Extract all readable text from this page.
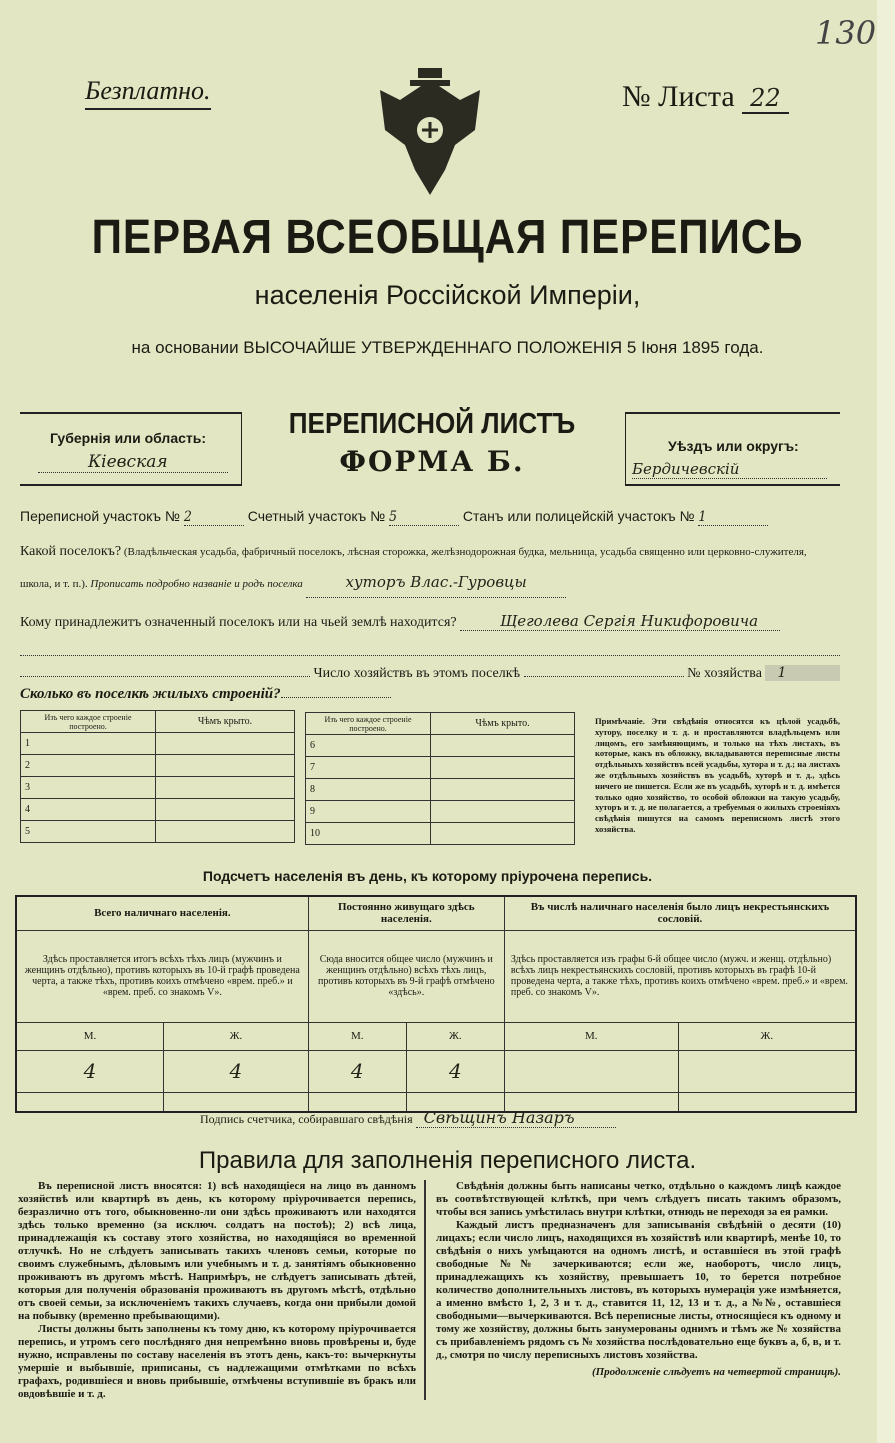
130
Безплатно.	№ Листа 22
ПЕРВАЯ ВСЕОБЩАЯ ПЕРЕПИСЬ
населенія Россійской Имперіи,
на основании ВЫСОЧАЙШЕ УТВЕРЖДЕННАГО ПОЛОЖЕНІЯ 5 Іюня 1895 года.
Губернія или область:
Кіевская
ПЕРЕПИСНОЙ ЛИСТЪ
ФОРМА Б.	Уѣздъ или округъ:
Бердичевскій
Переписной участокъ № 2	Счетный участокъ № 5	Станъ или полицейскій участокъ № 1
Какой поселокъ? (Владѣльческая усадьба, фабричный поселокъ, лѣсная сторожка, желѣзнодорожная будка, мельница, усадьба священно или церковно-служителя, школа, и т. п.). Прописать подробно названіе и родъ поселка	хуторъ Влас.-Гуровцы
Кому принадлежитъ означенный поселокъ или на чьей землѣ находится?	Щеголева Сергія Никифоровича
Число хозяйствъ въ этомъ поселкѣ	№ хозяйства 1
Сколько въ поселкѣ жилыхъ строеній?
Изъ чего каждое строеніе построено.	Чѣмъ крыто.
1	
2	
3	
4	
5	
Изъ чего каждое строеніе построено.	Чѣмъ крыто.
6	
7	
8	
9	
10	
Примѣчаніе. Эти свѣдѣнія относятся къ цѣлой усадьбѣ, хутору, поселку и т. д. и проставляются владѣльцемъ или лицомъ, его замѣняющимъ, и только на тѣхъ листахъ, въ которые, какъ въ обложку, вкладываются переписные листы отдѣльныхъ хозяйствъ всей усадьбы, хутора и т. д.; на листахъ же отдѣльныхъ хозяйствъ въ усадьбѣ, хуторѣ и т. д., здѣсь ничего не пишется. Если же въ усадьбѣ, хуторѣ и т. д. имѣется только одно хозяйство, то особой обложки на такую усадьбу, хуторъ и т. д. не полагается, а требуемыя о жилыхъ строеніяхъ свѣдѣнія пишутся на самомъ переписномъ листѣ этого хозяйства.
Подсчетъ населенія въ день, къ которому пріурочена перепись.
Всего наличнаго населенія.		Постоянно живущаго здѣсь населенія.		Въ числѣ наличнаго населенія было лицъ некрестьянскихъ сословій.	
Здѣсь проставляется итогъ всѣхъ тѣхъ лицъ (мужчинъ и женщинъ отдѣльно), противъ которыхъ въ 10-й графѣ проведена черта, а также тѣхъ, противъ коихъ отмѣчено «врем. преб.» и «врем. преб. со знакомъ V».		Сюда вносится общее число (мужчинъ и женщинъ отдѣльно) всѣхъ тѣхъ лицъ, противъ которыхъ въ 9-й графѣ отмѣчено «здѣсь».		Здѣсь проставляется изъ графы 6-й общее число (мужч. и женщ. отдѣльно) всѣхъ лицъ некрестьянскихъ сословій, противъ которыхъ въ графѣ 10-й проведена черта, а также тѣхъ, противъ коихъ отмѣчено «врем. преб.» и «врем. преб. со знакомъ V».	
М.	Ж.	М.	Ж.	М.	Ж.
4	4	4	4		

Подпись счетчика, собиравшаго свѣдѣнія Свѣщинъ Назаръ
Правила для заполненія переписного листа.

Въ переписной листъ вносятся: 1) всѣ находящіеся на лицо въ данномъ хозяйствѣ или квартирѣ въ день, къ которому пріурочивается перепись, безразлично отъ того, обыкновенно-ли они здѣсь проживаютъ или находятся здѣсь только временно (за исключ. солдатъ на постоѣ); 2) всѣ лица, принадлежащія къ составу этого хозяйства, но находящіяся во временной отлучкѣ. Но не слѣдуетъ записывать такихъ членовъ семьи, которые по своимъ служебнымъ, дѣловымъ или учебнымъ и т. д. занятіямъ обыкновенно проживаютъ въ другомъ мѣстѣ. Напримѣръ, не слѣдуетъ записывать дѣтей, которыя для полученія образованія проживаютъ въ другомъ мѣстѣ, отдѣльно отъ своей семьи, за исключеніемъ такихъ случаевъ, когда они прибыли домой на побывку (временно пребывающими).

Листы должны быть заполнены къ тому дню, къ которому пріурочивается перепись, и утромъ сего послѣдняго дня непремѣнно вновь провѣрены и, буде нужно, исправлены по составу населенія въ этотъ день, какъ-то: вычеркнуты умершіе и выбывшіе, приписаны, съ надлежащими отмѣтками по всѣхъ графахъ, родившіеся и вновь прибывшіе, отмѣчены вступившіе въ бракъ или овдовѣвшіе и т. д.

Свѣдѣнія должны быть написаны четко, отдѣльно о каждомъ лицѣ каждое въ соотвѣтствующей клѣткѣ, при чемъ слѣдуетъ писать такимъ образомъ, чтобы вся запись умѣстилась внутри клѣтки, отнюдь не переходя за ея рамки.

Каждый листъ предназначенъ для записыванія свѣдѣній о десяти (10) лицахъ; если число лицъ, находящихся въ хозяйствѣ или квартирѣ, менѣе 10, то свѣдѣнія о нихъ умѣщаются на одномъ листѣ, и оставшіеся въ этой графѣ свободные №№ зачеркиваются; если же, наоборотъ, число лицъ, принадлежащихъ къ хозяйству, превышаетъ 10, то берется потребное количество дополнительныхъ листовъ, въ которыхъ нумерація уже измѣняется, а именно вмѣсто 1, 2, 3 и т. д., ставится 11, 12, 13 и т. д., а №№, оставшіеся свободными—вычеркиваются. Всѣ переписные листы, относящіеся къ одному и тому же хозяйству, должны быть занумерованы однимъ и тѣмъ же № хозяйства съ прибавленіемъ рядомъ съ № хозяйства послѣдовательно еще буквъ а, б, в, и т. д., смотря по числу переписныхъ листовъ хозяйства.

(Продолженіе слѣдуетъ на четвертой страницѣ).
